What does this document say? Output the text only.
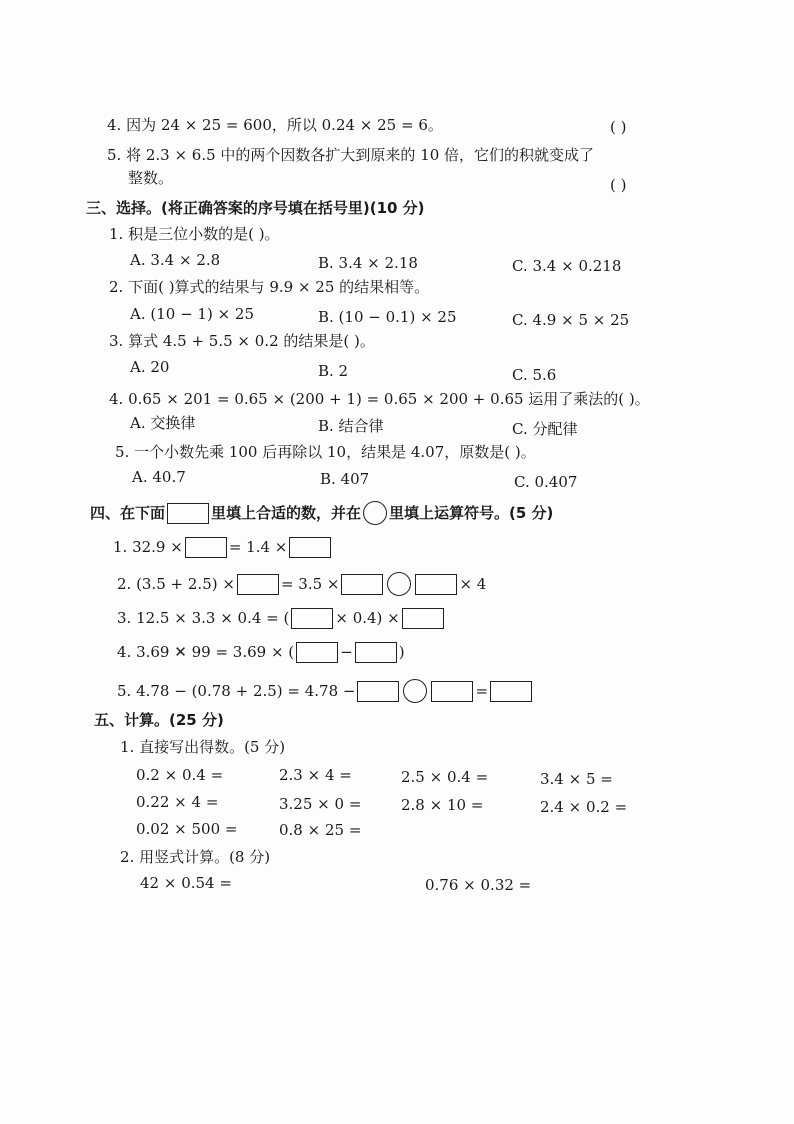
4. 因为 24 × 25 = 600，所以 0.24 × 25 = 6。	( )
5. 将 2.3 × 6.5 中的两个因数各扩大到原来的 10 倍，它们的积就变成了
整数。	( )
三、选择。(将正确答案的序号填在括号里)(10 分)
1. 积是三位小数的是( )。
A. 3.4 × 2.8	B. 3.4 × 2.18	C. 3.4 × 0.218
2. 下面( )算式的结果与 9.9 × 25 的结果相等。
A. (10 − 1) × 25	B. (10 − 0.1) × 25	C. 4.9 × 5 × 25
3. 算式 4.5 + 5.5 × 0.2 的结果是( )。
A. 20	B. 2	C. 5.6
4. 0.65 × 201 = 0.65 × (200 + 1) = 0.65 × 200 + 0.65 运用了乘法的( )。
A. 交换律	B. 结合律	C. 分配律
5. 一个小数先乘 100 后再除以 10，结果是 4.07，原数是( )。
A. 40.7	B. 407	C. 0.407
四、在下面	里填上合适的数，并在 里填上运算符号。(5 分)
1. 32.9 ×	= 1.4 ×
2. (3.5 + 2.5) ×	= 3.5 ×	× 4
3. 12.5 × 3.3 × 0.4 = (	× 0.4) ×
4. 3.69 ✕ 99 = 3.69 × (	−	)
5. 4.78 − (0.78 + 2.5) = 4.78 −	=
五、计算。(25 分)
1. 直接写出得数。(5 分)
0.2 × 0.4 =	2.3 × 4 =	2.5 × 0.4 =	3.4 × 5 =
0.22 × 4 =	3.25 × 0 =	2.8 × 10 =	2.4 × 0.2 =
0.02 × 500 =	0.8 × 25 =
2. 用竖式计算。(8 分)
42 × 0.54 =	0.76 × 0.32 =
